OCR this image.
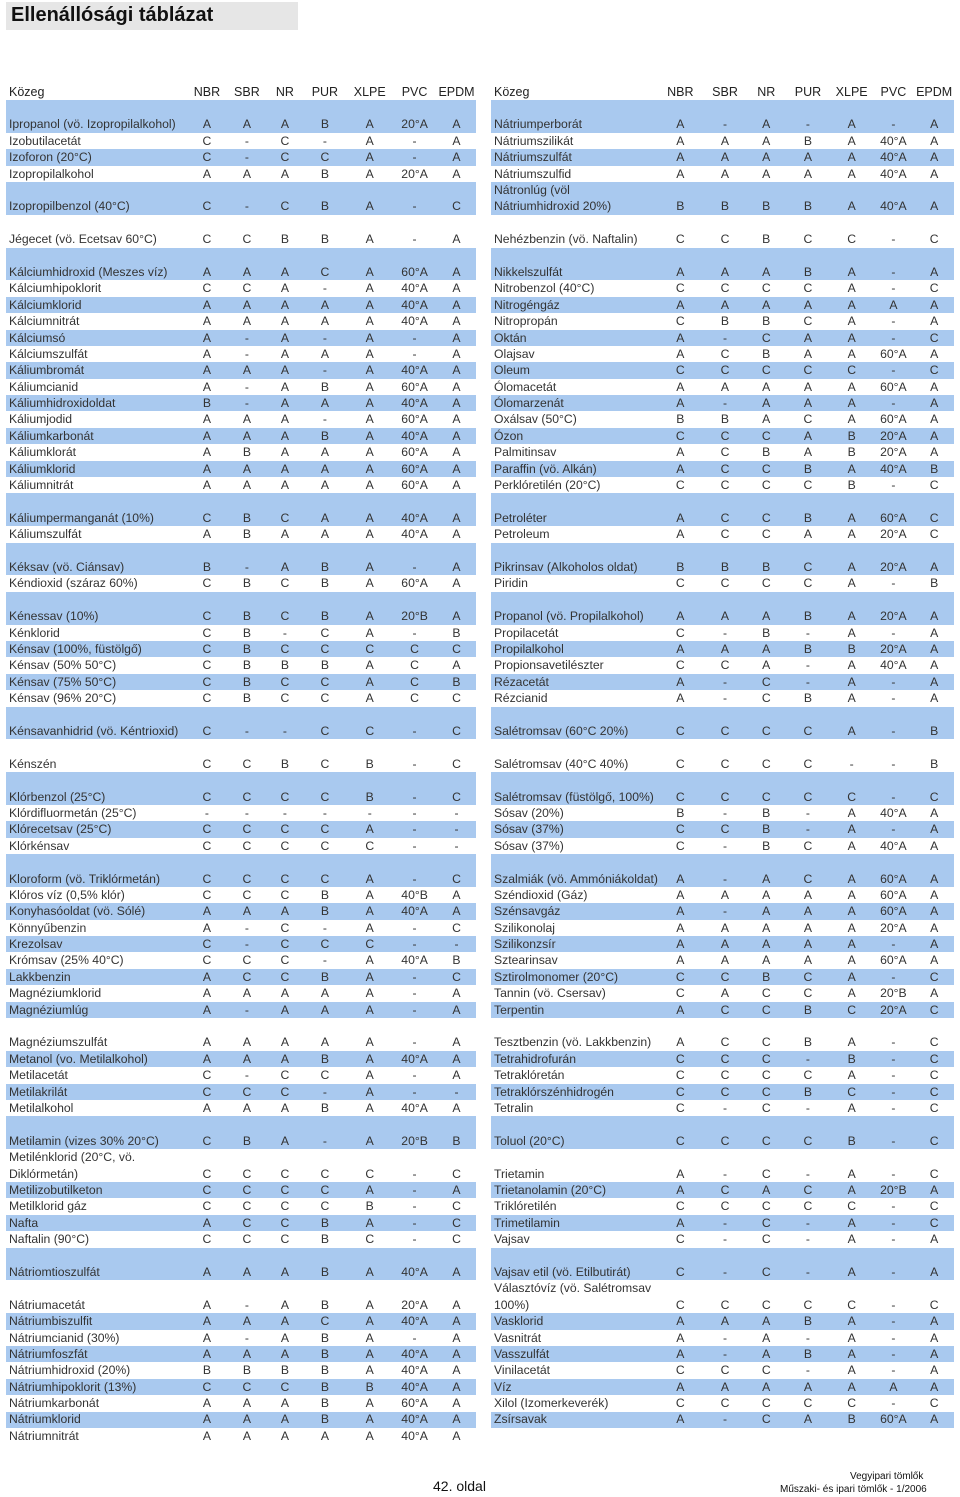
Ellenállósági táblázat
Közeg	NBR	SBR	NR	PUR	XLPE	PVC EPDM
Ipropanol (vö. Izopropilalkohol)	A	A	A	B	A	20°A	A
Izobutilacetát	C	-	C	-	A	-	A
Izoforon (20°C)	C	-	C	C	A	-	A
Izopropilalkohol	A	A	A	B	A	20°A	A
Izopropilbenzol (40°C)	C	-	C	B	A	-	C
Jégecet (vö. Ecetsav 60°C)	C	C	B	B	A	-	A
Kálciumhidroxid (Meszes víz)	A	A	A	C	A	60°A	A
Kálciumhipoklorit	C	C	A	-	A	40°A	A
Kálciumklorid	A	A	A	A	A	40°A	A
Kálciumnitrát	A	A	A	A	A	40°A	A
Kálciumsó	A	-	A	-	A	-	A
Kálciumszulfát	A	-	A	A	A	-	A
Káliumbromát	A	A	A	-	A	40°A	A
Káliumcianid	A	-	A	B	A	60°A	A
Káliumhidroxidoldat	B	-	A	A	A	40°A	A
Káliumjodid	A	A	A	-	A	60°A	A
Káliumkarbonát	A	A	A	B	A	40°A	A
Káliumklorát	A	B	A	A	A	60°A	A
Káliumklorid	A	A	A	A	A	60°A	A
Káliumnitrát	A	A	A	A	A	60°A	A
Káliumpermanganát (10%)	C	B	C	A	A	40°A	A
Káliumszulfát	A	B	A	A	A	40°A	A
Kéksav (vö. Ciánsav)	B	-	A	B	A	-	A
Kéndioxid (száraz 60%)	C	B	C	B	A	60°A	A
Kénessav (10%)	C	B	C	B	A	20°B	A
Kénklorid	C	B	-	C	A	-	B
Kénsav (100%, füstölgő)	C	B	C	C	C	C	C
Kénsav (50% 50°C)	C	B	B	B	A	C	A
Kénsav (75% 50°C)	C	B	C	C	A	C	B
Kénsav (96% 20°C)	C	B	C	C	A	C	C
Kénsavanhidrid (vö. Kéntrioxid)	C	-	-	C	C	-	C
Kénszén	C	C	B	C	B	-	C
Klórbenzol (25°C)	C	C	C	C	B	-	C
Klórdifluormetán (25°C)	-	-	-	-	-	-	-
Klórecetsav (25°C)	C	C	C	C	A	-	-
Klórkénsav	C	C	C	C	C	-	-
Kloroform (vö. Triklórmetán)	C	C	C	C	A	-	C
Klóros víz (0,5% klór)	C	C	C	B	A	40°B	A
Konyhasóoldat (vö. Sólé)	A	A	A	B	A	40°A	A
Könnyűbenzin	A	-	C	-	A	-	C
Krezolsav	C	-	C	C	C	-	-
Krómsav (25% 40°C)	C	C	C	-	A	40°A	B
Lakkbenzin	A	C	C	B	A	-	C
Magnéziumklorid	A	A	A	A	A	-	A
Magnéziumlúg	A	-	A	A	A	-	A
Magnéziumszulfát	A	A	A	A	A	-	A
Metanol (vo. Metilalkohol)	A	A	A	B	A	40°A	A
Metilacetát	C	-	C	C	A	-	A
Metilakrilát	C	C	C	-	A	-	-
Metilalkohol	A	A	A	B	A	40°A	A
Metilamin (vizes 30% 20°C)	C	B	A	-	A	20°B	B
Metilénklorid (20°C, vö. Diklórmetán)	C	C	C	C	C	-	C
Metilizobutilketon	C	C	C	C	A	-	A
Metilklorid gáz	C	C	C	C	B	-	C
Nafta	A	C	C	B	A	-	C
Naftalin (90°C)	C	C	C	B	C	-	C
Nátriomtioszulfát	A	A	A	B	A	40°A	A
Nátriumacetát	A	-	A	B	A	20°A	A
Nátriumbiszulfit	A	A	A	C	A	40°A	A
Nátriumcianid (30%)	A	-	A	B	A	-	A
Nátriumfoszfát	A	A	A	B	A	40°A	A
Nátriumhidroxid (20%)	B	B	B	B	A	40°A	A
Nátriumhipoklorit (13%)	C	C	C	B	B	40°A	A
Nátriumkarbonát	A	A	A	B	A	60°A	A
Nátriumklorid	A	A	A	B	A	40°A	A
Nátriumnitrát	A	A	A	A	A	40°A	A
Közeg	NBR	SBR	NR	PUR	XLPE	PVC EPDM
Nátriumperborát	A	-	A	-	A	-	A
Nátriumszilikát	A	A	A	B	A	40°A	A
Nátriumszulfát	A	A	A	A	A	40°A	A
Nátriumszulfid	A	A	A	A	A	40°A	A
Nátronlúg (völ Nátriumhidroxid 20%)	B	B	B	B	A	40°A	A
Nehézbenzin (vö. Naftalin)	C	C	B	C	C	-	C
Nikkelszulfát	A	A	A	B	A	-	A
Nitrobenzol (40°C)	C	C	C	C	A	-	C
Nitrogéngáz	A	A	A	A	A	A	A
Nitropropán	C	B	B	C	A	-	A
Oktán	A	-	C	A	A	-	C
Olajsav	A	C	B	A	A	60°A	A
Oleum	C	C	C	C	C	-	C
Ólomacetát	A	A	A	A	A	60°A	A
Ólomarzenát	A	-	A	A	A	-	A
Oxálsav (50°C)	B	B	A	C	A	60°A	A
Ózon	C	C	C	A	B	20°A	A
Palmitinsav	A	C	B	A	B	20°A	A
Paraffin (vö. Alkán)	A	C	C	B	A	40°A	B
Perklóretilén (20°C)	C	C	C	C	B	-	C
Petroléter	A	C	C	B	A	60°A	C
Petroleum	A	C	C	A	A	20°A	C
Pikrinsav (Alkoholos oldat)	B	B	B	C	A	20°A	A
Piridin	C	C	C	C	A	-	B
Propanol (vö. Propilalkohol)	A	A	A	B	A	20°A	A
Propilacetát	C	-	B	-	A	-	A
Propilalkohol	A	A	A	B	B	20°A	A
Propionsavetilészter	C	C	A	-	A	40°A	A
Rézacetát	A	-	C	-	A	-	A
Rézcianid	A	-	C	B	A	-	A
Salétromsav (60°C 20%)	C	C	C	C	A	-	B
Salétromsav (40°C 40%)	C	C	C	C	-	-	B
Salétromsav (füstölgő, 100%)	C	C	C	C	C	-	C
Sósav (20%)	B	-	B	-	A	40°A	A
Sósav (37%)	C	C	B	-	A	-	A
Sósav (37%)	C	-	B	C	A	40°A	A
Szalmiák (vö. Ammóniákoldat)	A	-	A	C	A	60°A	A
Széndioxid (Gáz)	A	A	A	A	A	60°A	A
Szénsavgáz	A	-	A	A	A	60°A	A
Szilikonolaj	A	A	A	A	A	20°A	A
Szilikonzsír	A	A	A	A	A	-	A
Sztearinsav	A	A	A	A	A	60°A	A
Sztirolmonomer (20°C)	C	C	B	C	A	-	C
Tannin (vö. Csersav)	C	A	C	C	A	20°B	A
Terpentin	A	C	C	B	C	20°A	C
Tesztbenzin (vö. Lakkbenzin)	A	C	C	B	A	-	C
Tetrahidrofurán	C	C	C	-	B	-	C
Tetraklóretán	C	C	C	C	A	-	C
Tetraklórszénhidrogén	C	C	C	B	C	-	C
Tetralin	C	-	C	-	A	-	C
Toluol (20°C)	C	C	C	C	B	-	C
Trietamin	A	-	C	-	A	-	C
Trietanolamin (20°C)	A	C	A	C	A	20°B	A
Triklóretilén	C	C	C	C	C	-	C
Trimetilamin	A	-	C	-	A	-	C
Vajsav	C	-	C	-	A	-	A
Vajsav etil (vö. Etilbutirát)	C	-	C	-	A	-	A
Választóvíz (vö. Salétromsav 100%)	C	C	C	C	C	-	C
Vasklorid	A	A	A	B	A	-	A
Vasnitrát	A	-	A	-	A	-	A
Vasszulfát	A	-	A	B	A	-	A
Vinilacetát	C	C	C	-	A	-	A
Víz	A	A	A	A	A	A	A
Xilol (Izomerkeverék)	C	C	C	C	C	-	C
Zsírsavak	A	-	C	A	B	60°A	A
42. oldal
Vegyipari tömlők
Műszaki- és ipari tömlők - 1/2006
